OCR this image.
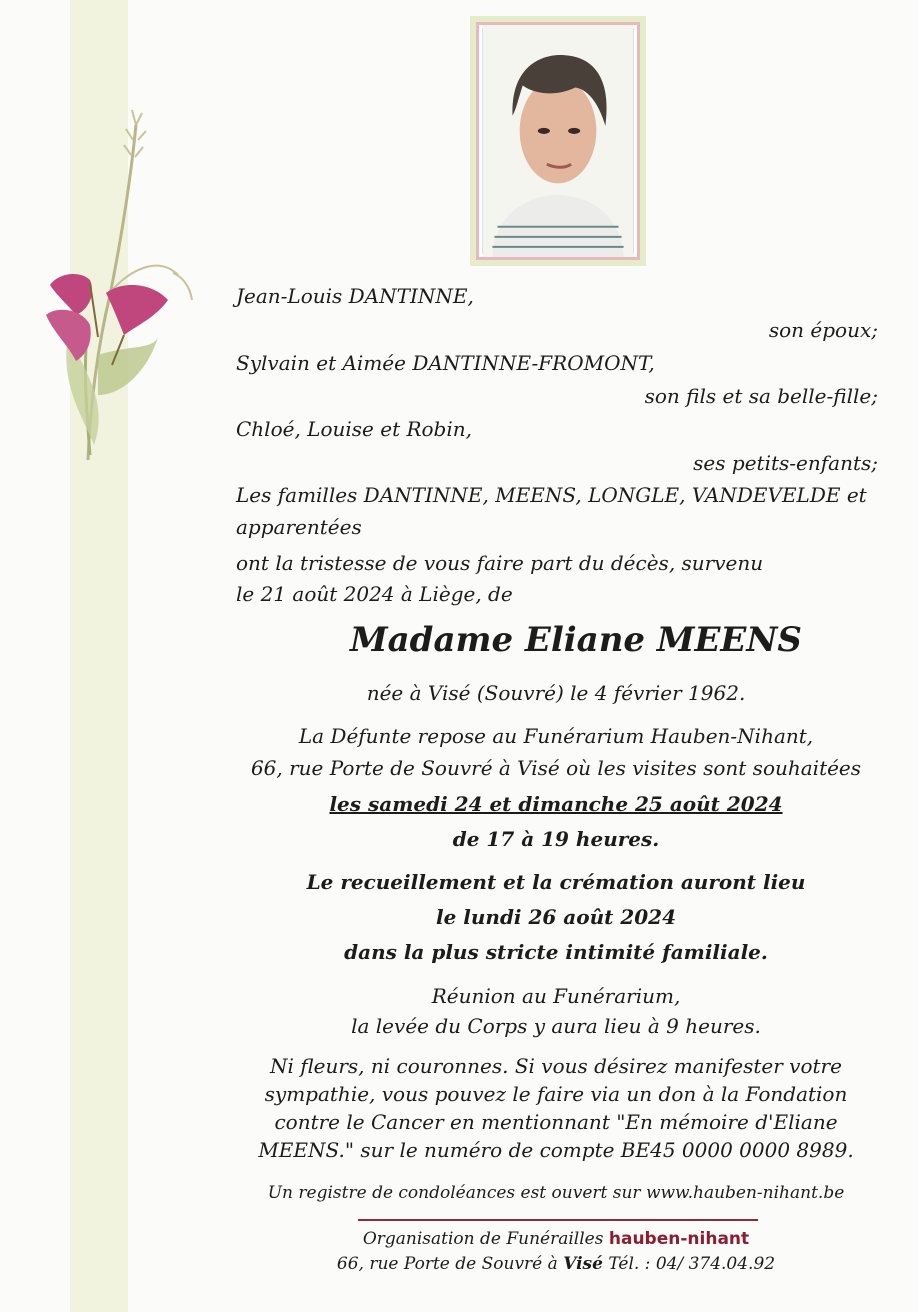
Jean-Louis DANTINNE,
son époux;
Sylvain et Aimée DANTINNE-FROMONT,
son fils et sa belle-fille;
Chloé, Louise et Robin,
ses petits-enfants;
Les familles DANTINNE, MEENS, LONGLE, VANDEVELDE et
apparentées
ont la tristesse de vous faire part du décès, survenu
le 21 août 2024 à Liège, de
Madame Eliane MEENS
née à Visé (Souvré) le 4 février 1962.
La Défunte repose au Funérarium Hauben-Nihant,
66, rue Porte de Souvré à Visé où les visites sont souhaitées
les samedi 24 et dimanche 25 août 2024
de 17 à 19 heures.
Le recueillement et la crémation auront lieu
le lundi 26 août 2024
dans la plus stricte intimité familiale.
Réunion au Funérarium,
la levée du Corps y aura lieu à 9 heures.
Ni fleurs, ni couronnes. Si vous désirez manifester votre
sympathie, vous pouvez le faire via un don à la Fondation
contre le Cancer en mentionnant "En mémoire d'Eliane
MEENS." sur le numéro de compte BE45 0000 0000 8989.
Un registre de condoléances est ouvert sur www.hauben-nihant.be
Organisation de Funérailles hauben-nihant
66, rue Porte de Souvré à Visé Tél. : 04/ 374.04.92
